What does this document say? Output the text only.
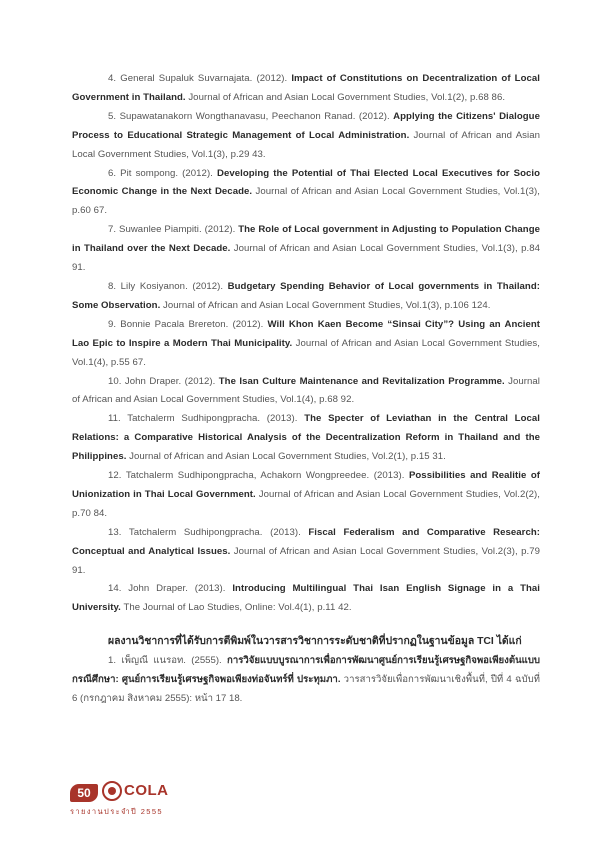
4. General Supaluk Suvarnajata. (2012). Impact of Constitutions on Decentralization of Local Government in Thailand. Journal of African and Asian Local Government Studies, Vol.1(2), p.68 86.

5. Supawatanakorn Wongthanavasu, Peechanon Ranad. (2012). Applying the Citizens' Dialogue Process to Educational Strategic Management of Local Administration. Journal of African and Asian Local Government Studies, Vol.1(3), p.29 43.

6. Pit sompong. (2012). Developing the Potential of Thai Elected Local Executives for Socio Economic Change in the Next Decade. Journal of African and Asian Local Government Studies, Vol.1(3), p.60 67.

7. Suwanlee Piampiti. (2012). The Role of Local government in Adjusting to Population Change in Thailand over the Next Decade. Journal of African and Asian Local Government Studies, Vol.1(3), p.84 91.

8. Lily Kosiyanon. (2012). Budgetary Spending Behavior of Local governments in Thailand: Some Observation. Journal of African and Asian Local Government Studies, Vol.1(3), p.106 124.

9. Bonnie Pacala Brereton. (2012). Will Khon Kaen Become “Sinsai City”? Using an Ancient Lao Epic to Inspire a Modern Thai Municipality. Journal of African and Asian Local Government Studies, Vol.1(4), p.55 67.

10. John Draper. (2012). The Isan Culture Maintenance and Revitalization Programme. Journal of African and Asian Local Government Studies, Vol.1(4), p.68 92.

11. Tatchalerm Sudhipongpracha. (2013). The Specter of Leviathan in the Central Local Relations: a Comparative Historical Analysis of the Decentralization Reform in Thailand and the Philippines. Journal of African and Asian Local Government Studies, Vol.2(1), p.15 31.

12. Tatchalerm Sudhipongpracha, Achakorn Wongpreedee. (2013). Possibilities and Realitie of Unionization in Thai Local Government. Journal of African and Asian Local Government Studies, Vol.2(2), p.70 84.

13. Tatchalerm Sudhipongpracha. (2013). Fiscal Federalism and Comparative Research: Conceptual and Analytical Issues. Journal of African and Asian Local Government Studies, Vol.2(3), p.79 91.

14. John Draper. (2013). Introducing Multilingual Thai Isan English Signage in a Thai University. The Journal of Lao Studies, Online: Vol.4(1), p.11 42.

ผลงานวิชาการที่ได้รับการตีพิมพ์ในวารสารวิชาการระดับชาติที่ปรากฏในฐานข้อมูล TCI ได้แก่

1. เพ็ญณี แนรอท. (2555). การวิจัยแบบบูรณาการเพื่อการพัฒนาศูนย์การเรียนรู้เศรษฐกิจพอเพียงต้นแบบ กรณีศึกษา: ศูนย์การเรียนรู้เศรษฐกิจพอเพียงท่อจันทร์ที่ ประทุมภา. วารสารวิจัยเพื่อการพัฒนาเชิงพื้นที่, ปีที่ 4 ฉบับที่ 6 (กรกฎาคม สิงหาคม 2555): หน้า 17 18.

50	COLA
รายงานประจำปี 2555
